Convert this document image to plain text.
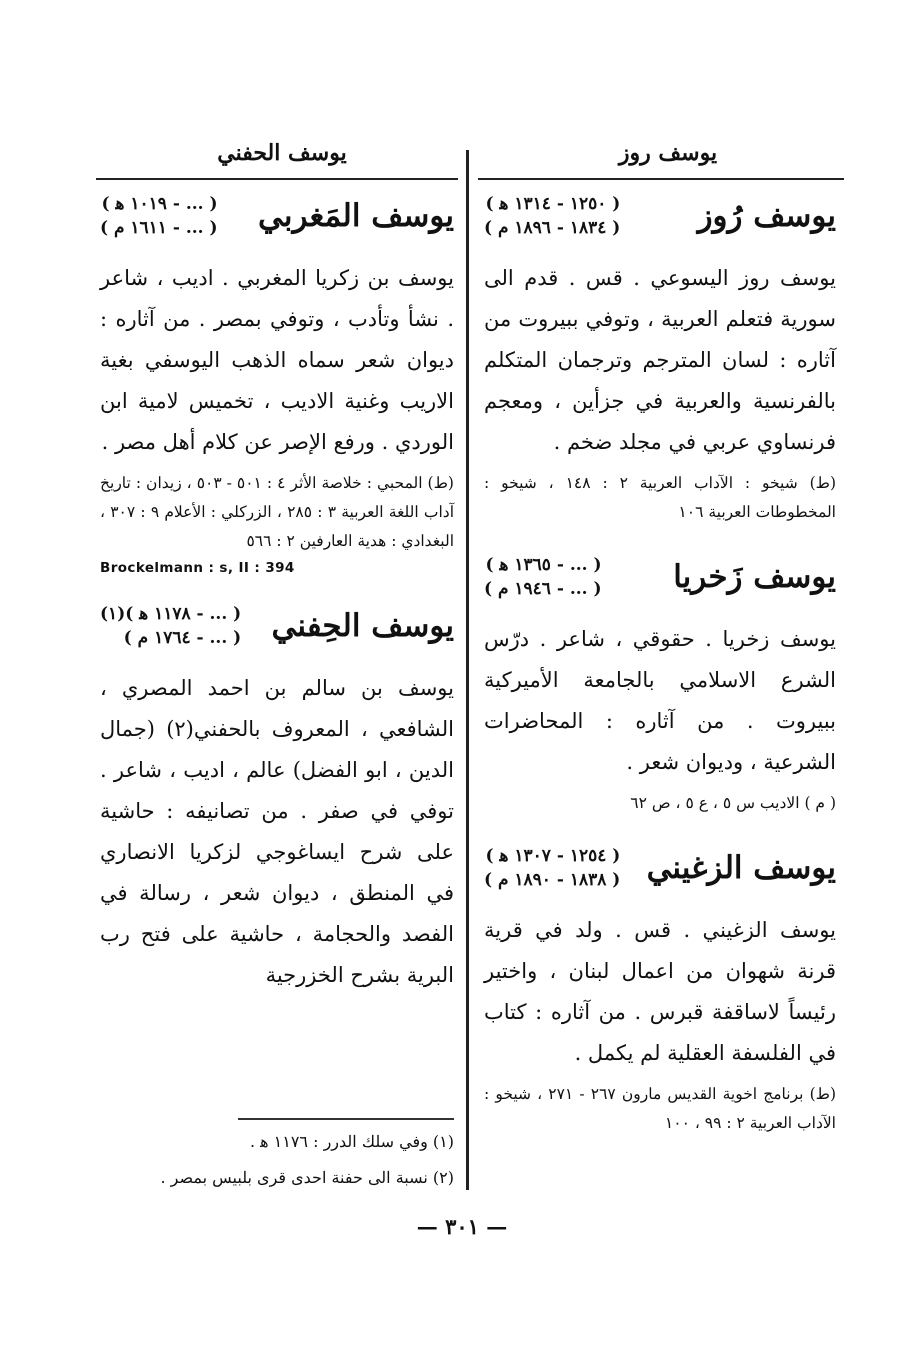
يوسف روز
يوسف الحفني
يوسف رُوز
( ١٢٥٠ - ١٣١٤ ﻫ )
( ١٨٣٤ - ١٨٩٦ م )
يوسف روز اليسوعي . قس . قدم الى سورية فتعلم العربية ، وتوفي ببيروت من آثاره : لسان المترجم وترجمان المتكلم بالفرنسية والعربية في جزأين ، ومعجم فرنساوي عربي في مجلد ضخم .
(ط) شيخو : الآداب العربية ٢ : ١٤٨ ، شيخو : المخطوطات العربية ١٠٦
يوسف زَخريا
( ... - ١٣٦٥ ﻫ )
( ... - ١٩٤٦ م )
يوسف زخريا . حقوقي ، شاعر . درّس الشرع الاسلامي بالجامعة الأميركية ببيروت . من آثاره : المحاضرات الشرعية ، وديوان شعر .
( م ) الاديب س ٥ ، ع ٥ ، ص ٦٢
يوسف الزغيني
( ١٢٥٤ - ١٣٠٧ ﻫ )
( ١٨٣٨ - ١٨٩٠ م )
يوسف الزغيني . قس . ولد في قرية قرنة شهوان من اعمال لبنان ، واختير رئيساً لاساقفة قبرس . من آثاره : كتاب في الفلسفة العقلية لم يكمل .
(ط) برنامج اخوية القديس مارون ٢٦٧ - ٢٧١ ، شيخو : الآداب العربية ٢ : ٩٩ ، ١٠٠
يوسف المَغربي
( ... - ١٠١٩ ﻫ )
( ... - ١٦١١ م )
يوسف بن زكريا المغربي . اديب ، شاعر . نشأ وتأدب ، وتوفي بمصر . من آثاره : ديوان شعر سماه الذهب اليوسفي بغية الاريب وغنية الاديب ، تخميس لامية ابن الوردي . ورفع الإصر عن كلام أهل مصر .
(ط) المحبي : خلاصة الأثر ٤ : ٥٠١ - ٥٠٣ ، زيدان : تاريخ آداب اللغة العربية ٣ : ٢٨٥ ، الزركلي : الأعلام ٩ : ٣٠٧ ، البغدادي : هدية العارفين ٢ : ٥٦٦
Brockelmann : s, II : 394
يوسف الحِفني
( ... - ١١٧٨ ﻫ )(١)
( ... - ١٧٦٤ م )
يوسف بن سالم بن احمد المصري ، الشافعي ، المعروف بالحفني(٢) (جمال الدين ، ابو الفضل) عالم ، اديب ، شاعر . توفي في صفر . من تصانيفه : حاشية على شرح ايساغوجي لزكريا الانصاري في المنطق ، ديوان شعر ، رسالة في الفصد والحجامة ، حاشية على فتح رب البرية بشرح الخزرجية
(١) وفي سلك الدرر : ١١٧٦ ﻫ .
(٢) نسبة الى حفنة احدى قرى بلبيس بمصر .
— ٣٠١ —
